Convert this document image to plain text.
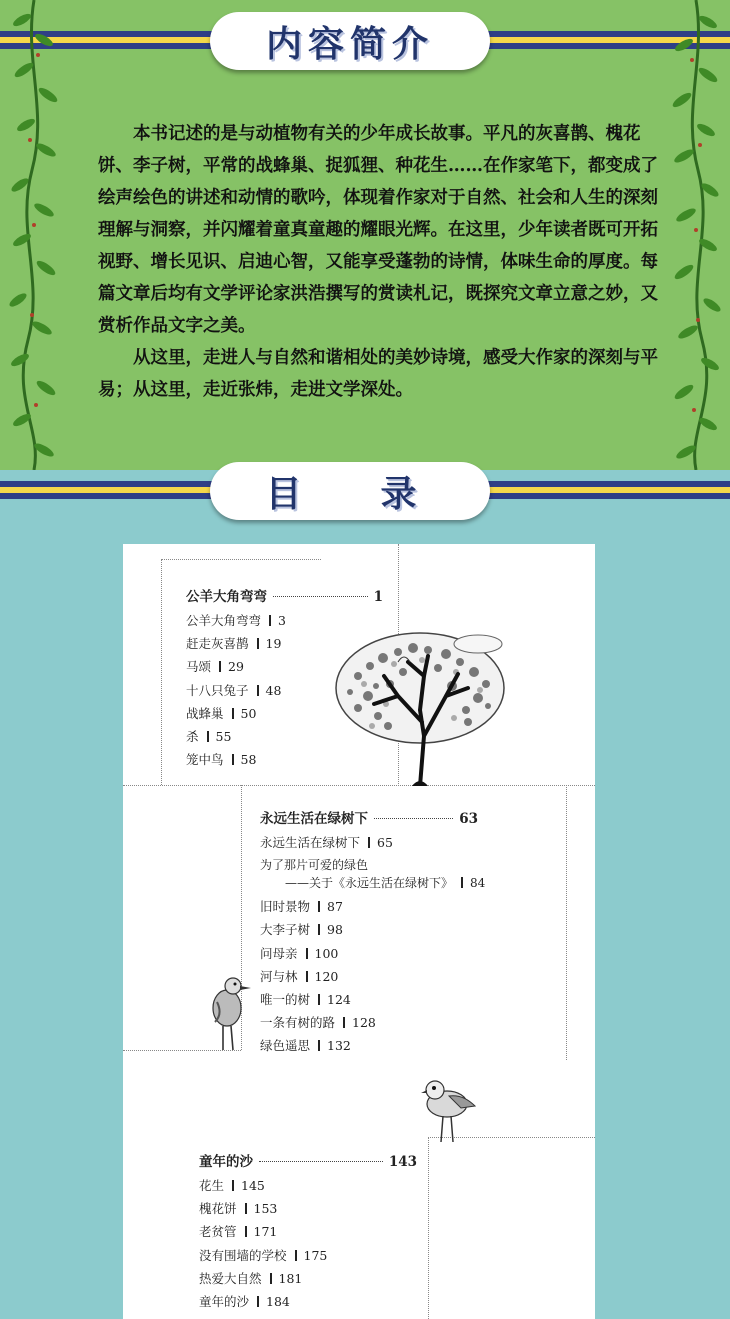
内容简介

本书记述的是与动植物有关的少年成长故事。平凡的灰喜鹊、槐花饼、李子树，平常的战蜂巢、捉狐狸、种花生……在作家笔下，都变成了绘声绘色的讲述和动情的歌吟，体现着作家对于自然、社会和人生的深刻理解与洞察，并闪耀着童真童趣的耀眼光辉。在这里，少年读者既可开拓视野、增长见识、启迪心智，又能享受蓬勃的诗情，体味生命的厚度。每篇文章后均有文学评论家洪浩撰写的赏读札记，既探究文章立意之妙，又赏析作品文字之美。

从这里，走进人与自然和谐相处的美妙诗境，感受大作家的深刻与平易；从这里，走近张炜，走进文学深处。

目  录
公羊大角弯弯	1
公羊大角弯弯 3
赶走灰喜鹊 19
马颂 29
十八只兔子 48
战蜂巢 50
杀 55
笼中鸟 58
永远生活在绿树下	63
永远生活在绿树下 65
为了那片可爱的绿色
——关于《永远生活在绿树下》 84
旧时景物 87
大李子树 98
问母亲 100
河与林 120
唯一的树 124
一条有树的路 128
绿色遥思 132
童年的沙	143
花生 145
槐花饼 153
老贫管 171
没有围墙的学校 175
热爱大自然 181
童年的沙 184
